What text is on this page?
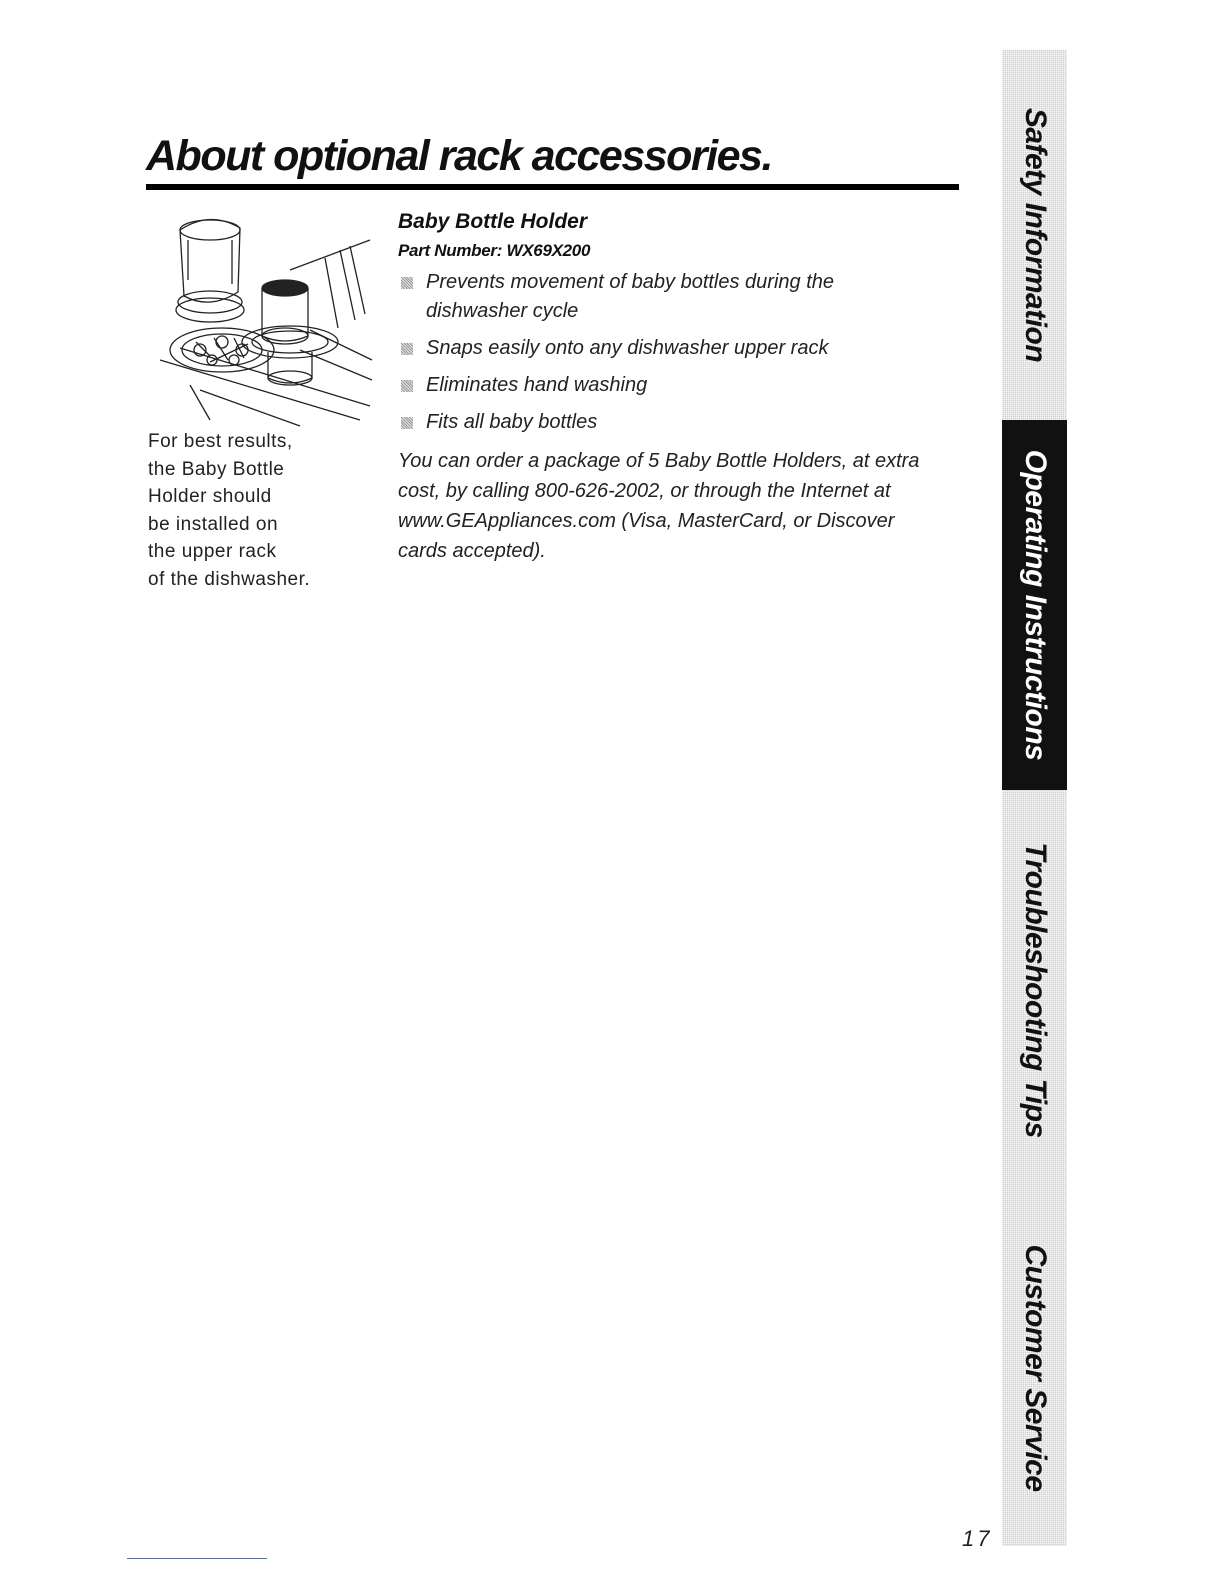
About optional rack accessories.
For best results,
the Baby Bottle
Holder should
be installed on
the upper rack
of the dishwasher.
Baby Bottle Holder
Part Number: WX69X200
Prevents movement of baby bottles during the
dishwasher cycle
Snaps easily onto any dishwasher upper rack
Eliminates hand washing
Fits all baby bottles
You can order a package of 5 Baby Bottle Holders, at extra
cost, by calling 800-626-2002, or through the Internet at
www.GEAppliances.com (Visa, MasterCard, or Discover
cards accepted).
Safety Information
Operating Instructions
Troubleshooting Tips
Customer Service
17
